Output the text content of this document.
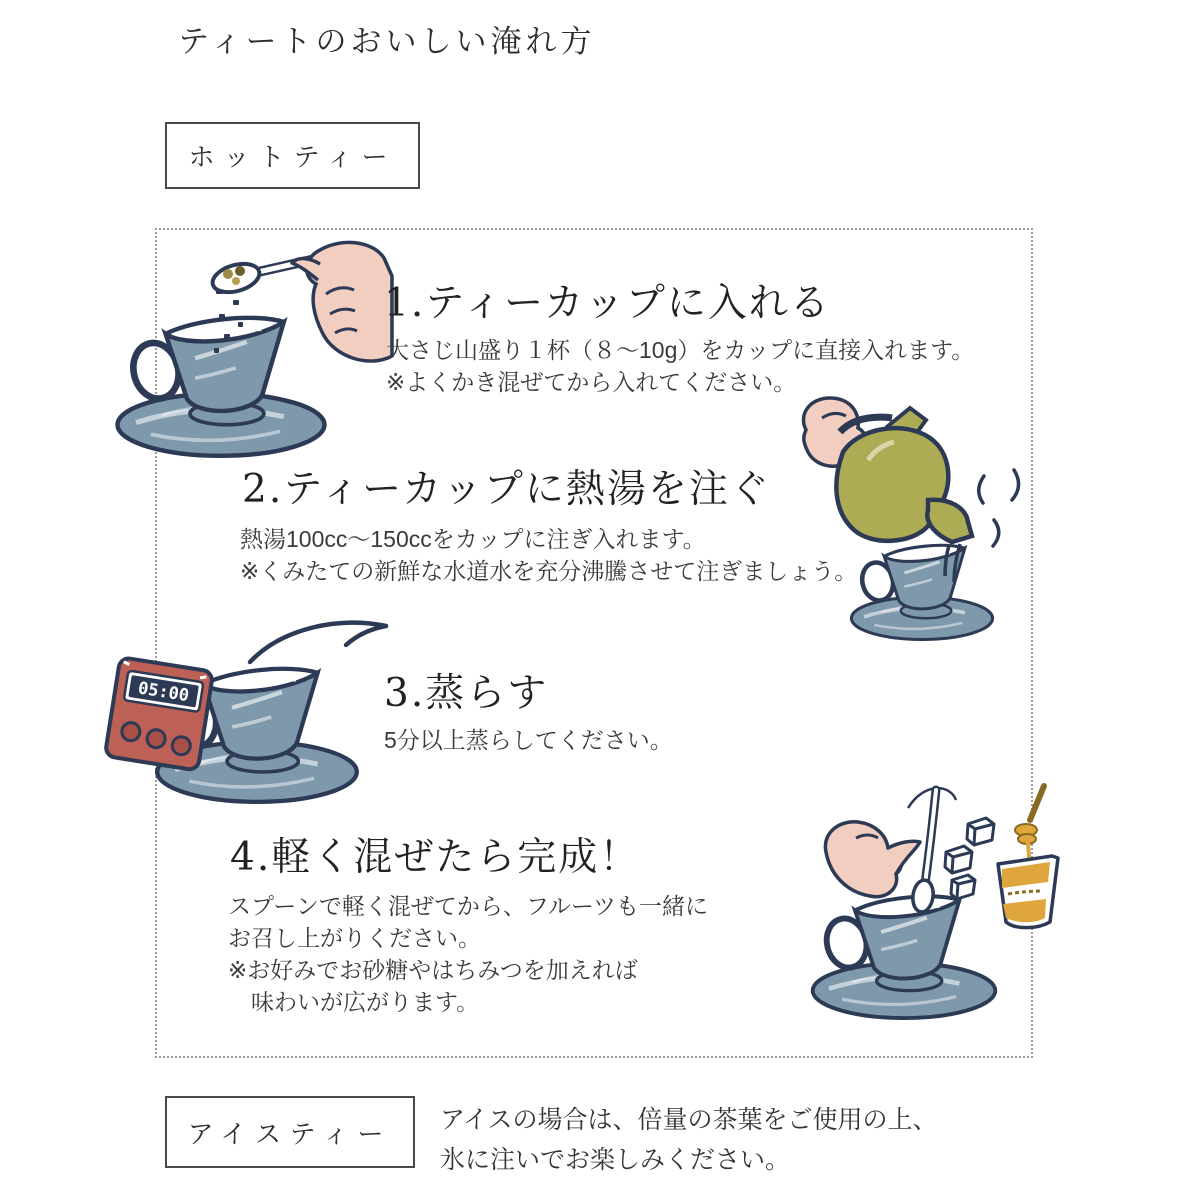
ティートのおいしい淹れ方
ホットティー
1.ティーカップに入れる
大さじ山盛り１杯（８～10g）をカップに直接入れます。
※よくかき混ぜてから入れてください。
2.ティーカップに熱湯を注ぐ
熱湯100cc～150ccをカップに注ぎ入れます。
※くみたての新鮮な水道水を充分沸騰させて注ぎましょう。
05:00	3.蒸らす
5分以上蒸らしてください。
4.軽く混ぜたら完成！
スプーンで軽く混ぜてから、フルーツも一緒に
お召し上がりください。
※お好みでお砂糖やはちみつを加えれば
　味わいが広がります。
アイスティー アイスの場合は、倍量の茶葉をご使用の上、
氷に注いでお楽しみください。
